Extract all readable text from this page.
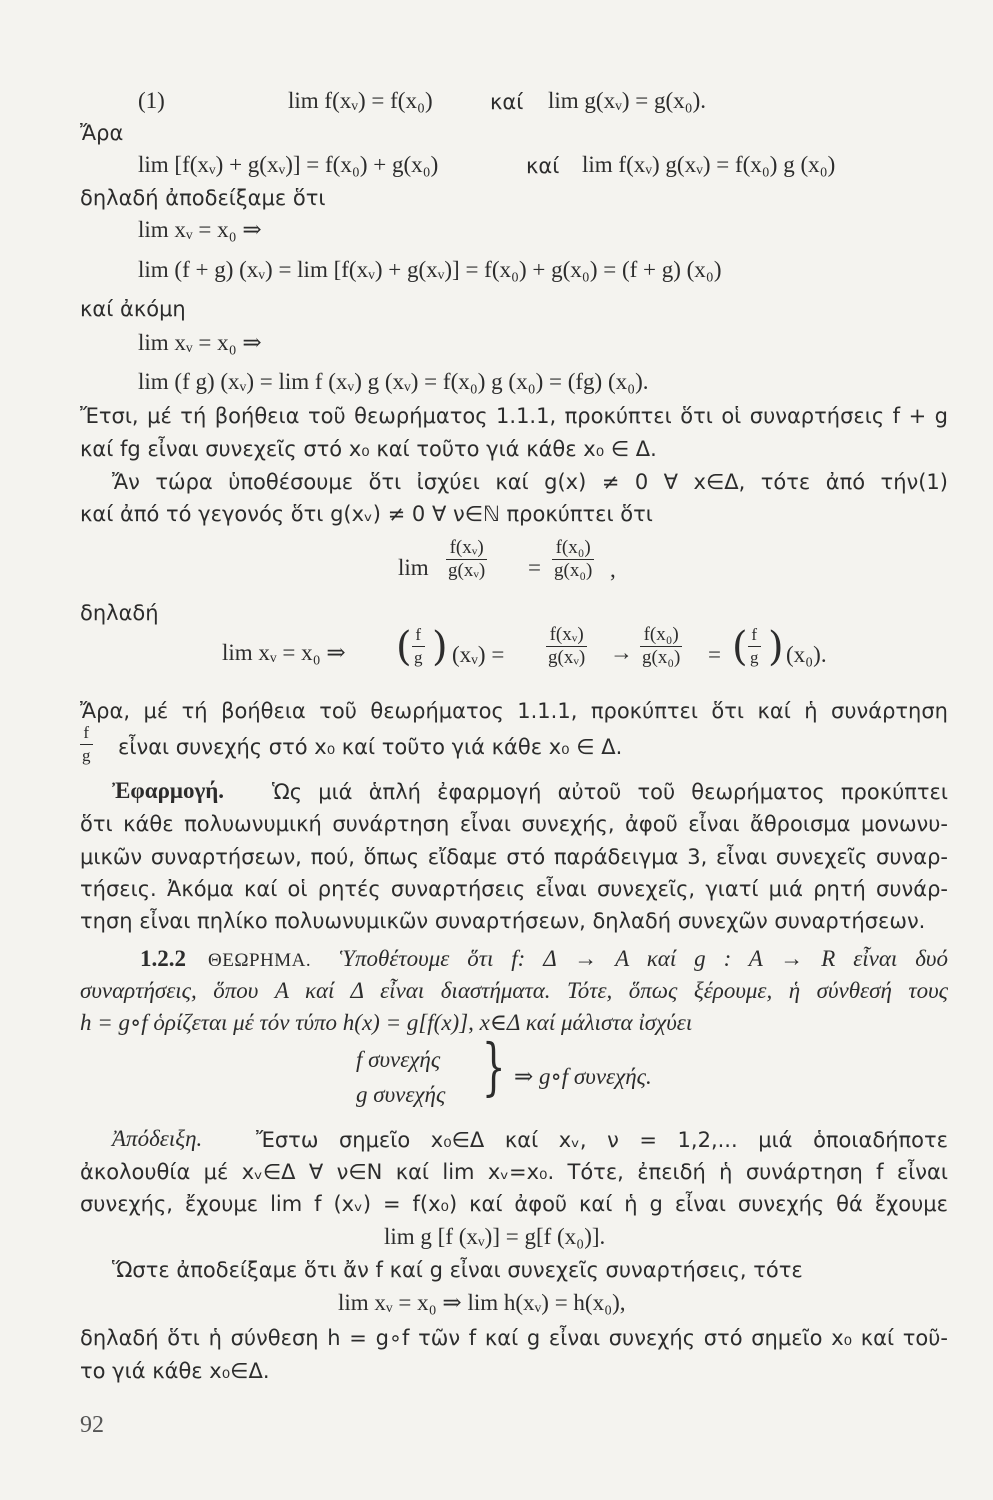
(1)	lim f(xᵥ) = f(x₀)	καί lim g(xᵥ) = g(x₀).
Ἄρα
lim [f(xᵥ) + g(xᵥ)] = f(x₀) + g(x₀)	καί lim f(xᵥ) g(xᵥ) = f(x₀) g (x₀)
δηλαδή ἀποδείξαμε ὅτι
lim xᵥ = x₀ ⇒
lim (f + g) (xᵥ) = lim [f(xᵥ) + g(xᵥ)] = f(x₀) + g(x₀) = (f + g) (x₀)
καί ἀκόμη
lim xᵥ = x₀ ⇒
lim (f g) (xᵥ) = lim f (xᵥ) g (xᵥ) = f(x₀) g (x₀) = (fg) (x₀).
Ἔτσι, μέ τή βοήθεια τοῦ θεωρήματος 1.1.1, προκύπτει ὅτι οἱ συναρτήσεις f + g
καί fg εἶναι συνεχεῖς στό x₀ καί τοῦτο γιά κάθε x₀ ∈ Δ.
Ἄν τώρα ὑποθέσουμε ὅτι ἰσχύει καί g(x) ≠ 0 ∀ x∈Δ, τότε ἀπό τήν(1)
καί ἀπό τό γεγονός ὅτι g(xᵥ) ≠ 0 ∀ ν∈ℕ προκύπτει ὅτι
$\lim \frac{\text{f(xᵥ)}}{\text{g(xᵥ)}} = \frac{\text{f(x₀)}}{\text{g(x₀)}}$ ,
δηλαδή
lim xᵥ = x₀ ⇒ ( $\frac{f}{g}$ ) (xᵥ) = $\frac{\text{f(xᵥ)}}{\text{g(xᵥ)}} \to \frac{\text{f(x₀)}}{\text{g(x₀)}}$ = ( $\frac{f}{g}$ ) (x₀).
Ἄρα, μέ τή βοήθεια τοῦ θεωρήματος 1.1.1, προκύπτει ὅτι καί ἡ συνάρτηση
$\frac{f}{g}$ εἶναι συνεχής στό x₀ καί τοῦτο γιά κάθε x₀ ∈ Δ.
Ἐφαρμογή. Ὡς μιά ἁπλή ἐφαρμογή αὐτοῦ τοῦ θεωρήματος προκύπτει
ὅτι κάθε πολυωνυμική συνάρτηση εἶναι συνεχής, ἀφοῦ εἶναι ἄθροισμα μονωνυ-
μικῶν συναρτήσεων, πού, ὅπως εἴδαμε στό παράδειγμα 3, εἶναι συνεχεῖς συναρ-
τήσεις. Ἀκόμα καί οἱ ρητές συναρτήσεις εἶναι συνεχεῖς, γιατί μιά ρητή συνάρ-
τηση εἶναι πηλίκο πολυωνυμικῶν συναρτήσεων, δηλαδή συνεχῶν συναρτήσεων.
1.2.2 ΘΕΩΡΗΜΑ. Ὑποθέτουμε ὅτι f: Δ → A καί g : A → R εἶναι δυό
συναρτήσεις, ὅπου A καί Δ εἶναι διαστήματα. Τότε, ὅπως ξέρουμε, ἡ σύνθεσή τους
h = g∘f ὁρίζεται μέ τόν τύπο h(x) = g[f(x)], x∈Δ καί μάλιστα ἰσχύει
f συνεχής
g συνεχής } ⇒ g∘f συνεχής.
Ἀπόδειξη.	Ἔστω σημεῖο x₀∈Δ καί xᵥ, ν = 1,2,... μιά ὁποιαδήποτε
ἀκολουθία μέ xᵥ∈Δ ∀ ν∈N καί lim xᵥ=x₀. Τότε, ἐπειδή ἡ συνάρτηση f εἶναι
συνεχής, ἔχουμε lim f (xᵥ) = f(x₀) καί ἀφοῦ καί ἡ g εἶναι συνεχής θά ἔχουμε
lim g [f (xᵥ)] = g[f (x₀)].
Ὥστε ἀποδείξαμε ὅτι ἄν f καί g εἶναι συνεχεῖς συναρτήσεις, τότε
lim xᵥ = x₀ ⇒ lim h(xᵥ) = h(x₀),
δηλαδή ὅτι ἡ σύνθεση h = g∘f τῶν f καί g εἶναι συνεχής στό σημεῖο x₀ καί τοῦ-
το γιά κάθε x₀∈Δ.
92
